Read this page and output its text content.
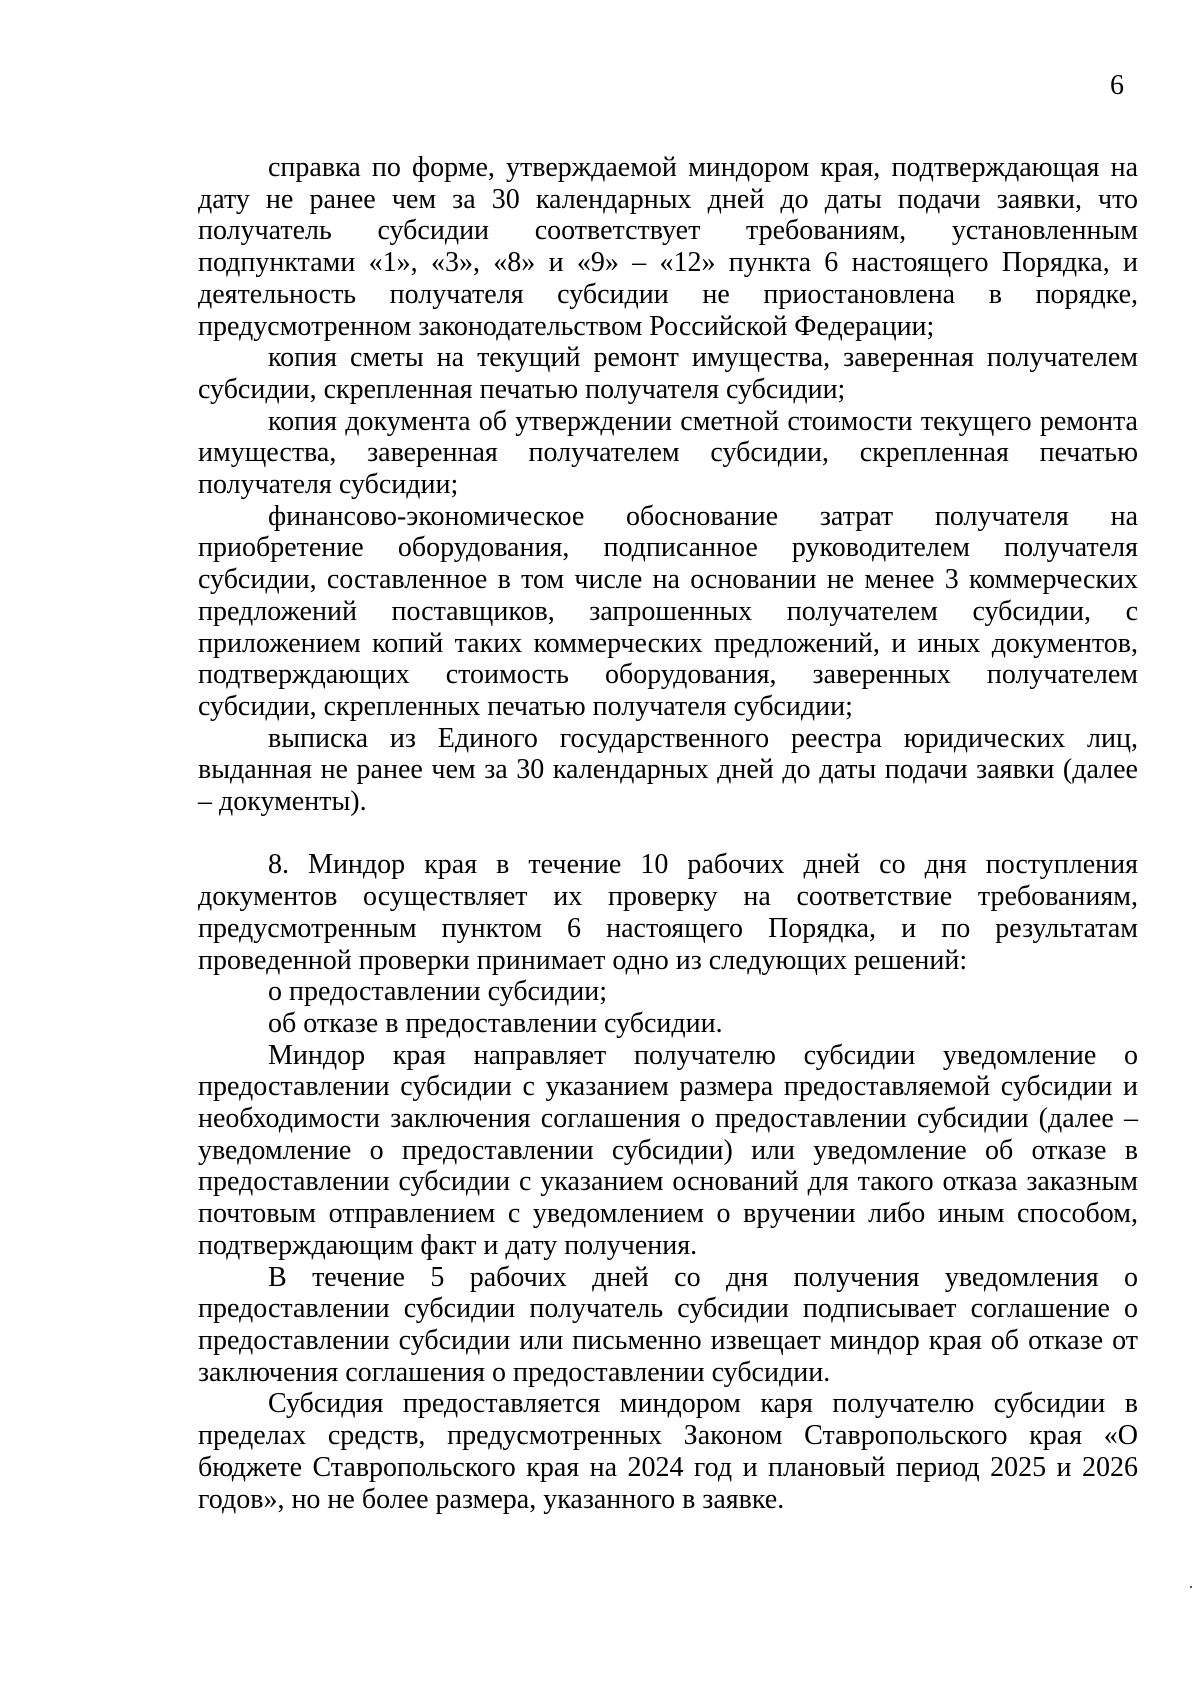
6

справка по форме, утверждаемой миндором края, подтверждающая на дату не ранее чем за 30 календарных дней до даты подачи заявки, что получатель субсидии соответствует требованиям, установленным подпунктами «1», «3», «8» и «9» – «12» пункта 6 настоящего Порядка, и деятельность получателя субсидии не приостановлена в порядке, предусмотренном законодательством Российской Федерации;

копия сметы на текущий ремонт имущества, заверенная получателем субсидии, скрепленная печатью получателя субсидии;

копия документа об утверждении сметной стоимости текущего ремонта имущества, заверенная получателем субсидии, скрепленная печатью получателя субсидии;

финансово-экономическое обоснование затрат получателя на приобретение оборудования, подписанное руководителем получателя субсидии, составленное в том числе на основании не менее 3 коммерческих предложений поставщиков, запрошенных получателем субсидии, с приложением копий таких коммерческих предложений, и иных документов, подтверждающих стоимость оборудования, заверенных получателем субсидии, скрепленных печатью получателя субсидии;

выписка из Единого государственного реестра юридических лиц, выданная не ранее чем за 30 календарных дней до даты подачи заявки (далее – документы).

8. Миндор края в течение 10 рабочих дней со дня поступления документов осуществляет их проверку на соответствие требованиям, предусмотренным пунктом 6 настоящего Порядка, и по результатам проведенной проверки принимает одно из следующих решений:

о предоставлении субсидии;

об отказе в предоставлении субсидии.

Миндор края направляет получателю субсидии уведомление о предоставлении субсидии с указанием размера предоставляемой субсидии и необходимости заключения соглашения о предоставлении субсидии (далее – уведомление о предоставлении субсидии) или уведомление об отказе в предоставлении субсидии с указанием оснований для такого отказа заказным почтовым отправлением с уведомлением о вручении либо иным способом, подтверждающим факт и дату получения.

В течение 5 рабочих дней со дня получения уведомления о предоставлении субсидии получатель субсидии подписывает соглашение о предоставлении субсидии или письменно извещает миндор края об отказе от заключения соглашения о предоставлении субсидии.

Субсидия предоставляется миндором каря получателю субсидии в пределах средств, предусмотренных Законом Ставропольского края «О бюджете Ставропольского края на 2024 год и плановый период 2025 и 2026 годов», но не более размера, указанного в заявке.
